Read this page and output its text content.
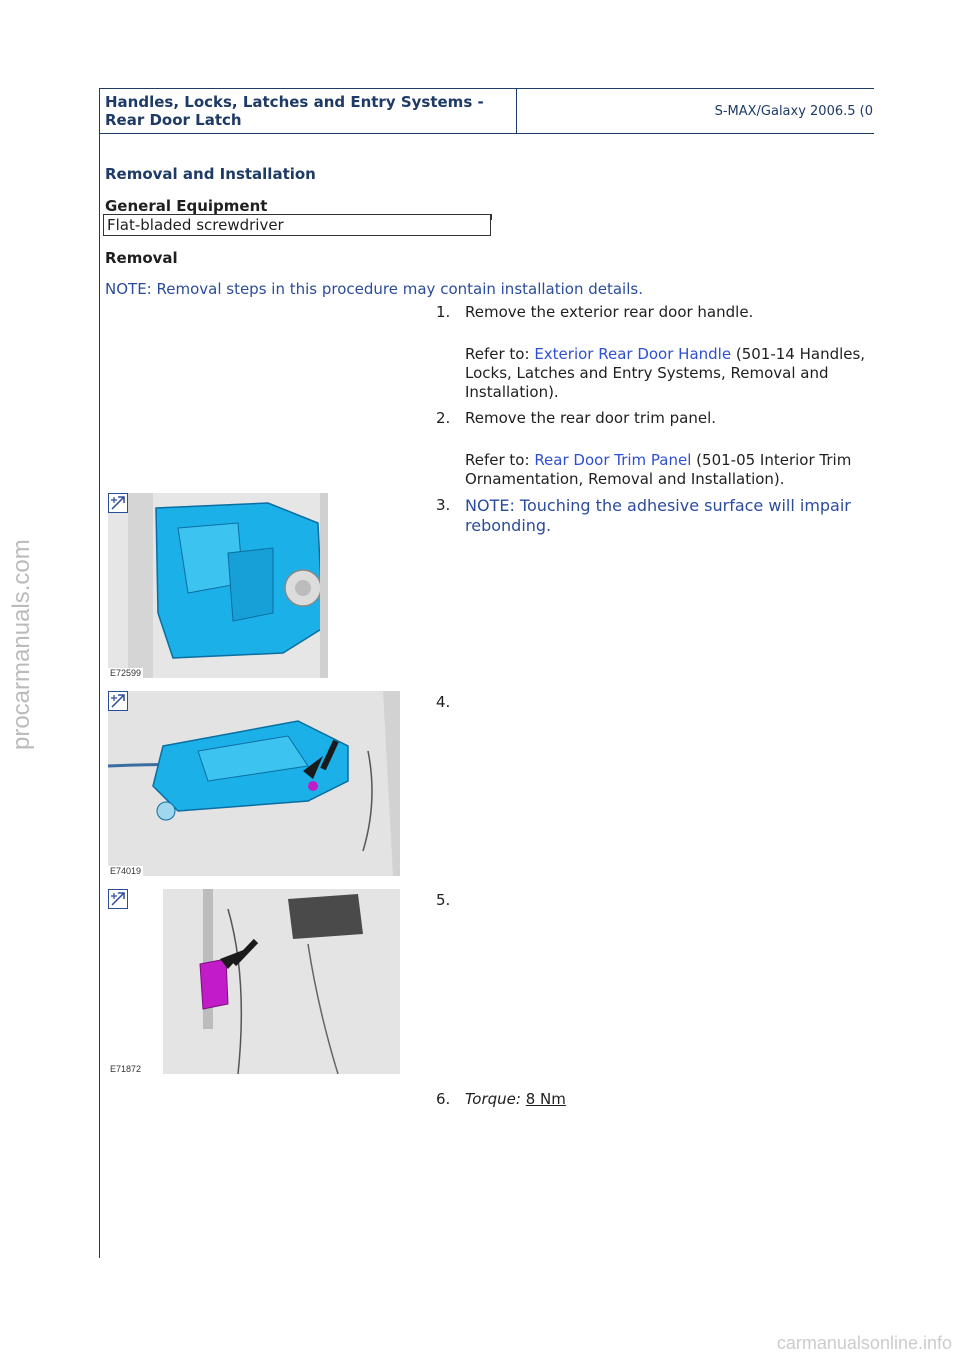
Handles, Locks, Latches and Entry Systems - Rear Door Latch	S-MAX/Galaxy 2006.5 (0
Removal and Installation
General Equipment
Flat-bladed screwdriver
Removal
NOTE: Removal steps in this procedure may contain installation details.
1. Remove the exterior rear door handle.
Refer to: Exterior Rear Door Handle (501-14 Handles, Locks, Latches and Entry Systems, Removal and Installation).
2. Remove the rear door trim panel.
Refer to: Rear Door Trim Panel (501-05 Interior Trim Ornamentation, Removal and Installation).
E72599
3. NOTE: Touching the adhesive surface will impair rebonding.
E74019
4.
E71872
5.
6. Torque: 8 Nm
procarmanuals.com
carmanualsonline.info
